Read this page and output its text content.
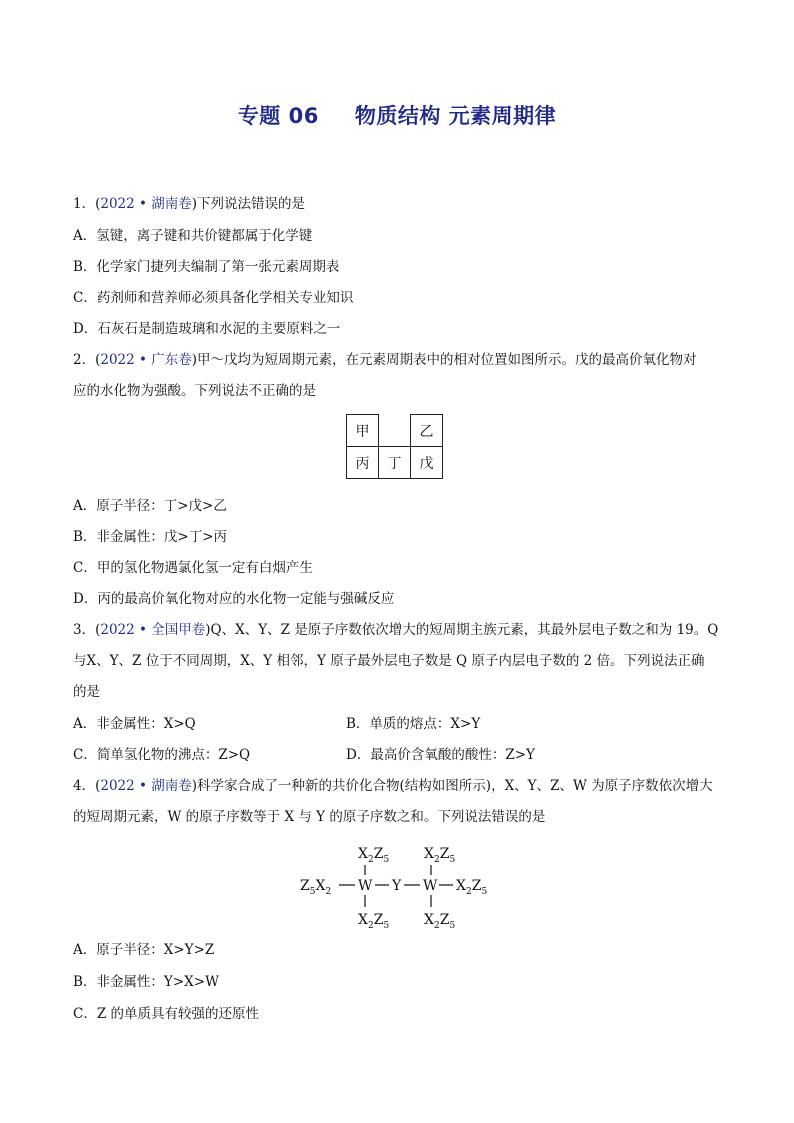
专题 06 物质结构 元素周期律
1．(2022 • 湖南卷)下列说法错误的是
A．氢键，离子键和共价键都属于化学键
B．化学家门捷列夫编制了第一张元素周期表
C．药剂师和营养师必须具备化学相关专业知识
D．石灰石是制造玻璃和水泥的主要原料之一
2．(2022 • 广东卷)甲～戊均为短周期元素，在元素周期表中的相对位置如图所示。戊的最高价氧化物对
应的水化物为强酸。下列说法不正确的是
甲		乙
丙	丁	戊
A．原子半径：丁>戊>乙
B．非金属性：戊>丁>丙
C．甲的氢化物遇氯化氢一定有白烟产生
D．丙的最高价氧化物对应的水化物一定能与强碱反应
3．(2022 • 全国甲卷)Q、X、Y、Z 是原子序数依次增大的短周期主族元素，其最外层电子数之和为 19。Q
与X、Y、Z 位于不同周期，X、Y 相邻，Y 原子最外层电子数是 Q 原子内层电子数的 2 倍。下列说法正确
的是
A．非金属性：X>Q	B．单质的熔点：X>Y
C．简单氢化物的沸点：Z>Q	D．最高价含氧酸的酸性：Z>Y
4．(2022 • 湖南卷)科学家合成了一种新的共价化合物(结构如图所示)，X、Y、Z、W 为原子序数依次增大
的短周期元素，W 的原子序数等于 X 与 Y 的原子序数之和。下列说法错误的是
$X_2Z_5$ $X_2Z_5$
$Z_5X_2$ W Y W $X_2Z_5$
$X_2Z_5$ $X_2Z_5$
A．原子半径：X>Y>Z
B．非金属性：Y>X>W
C．Z 的单质具有较强的还原性
